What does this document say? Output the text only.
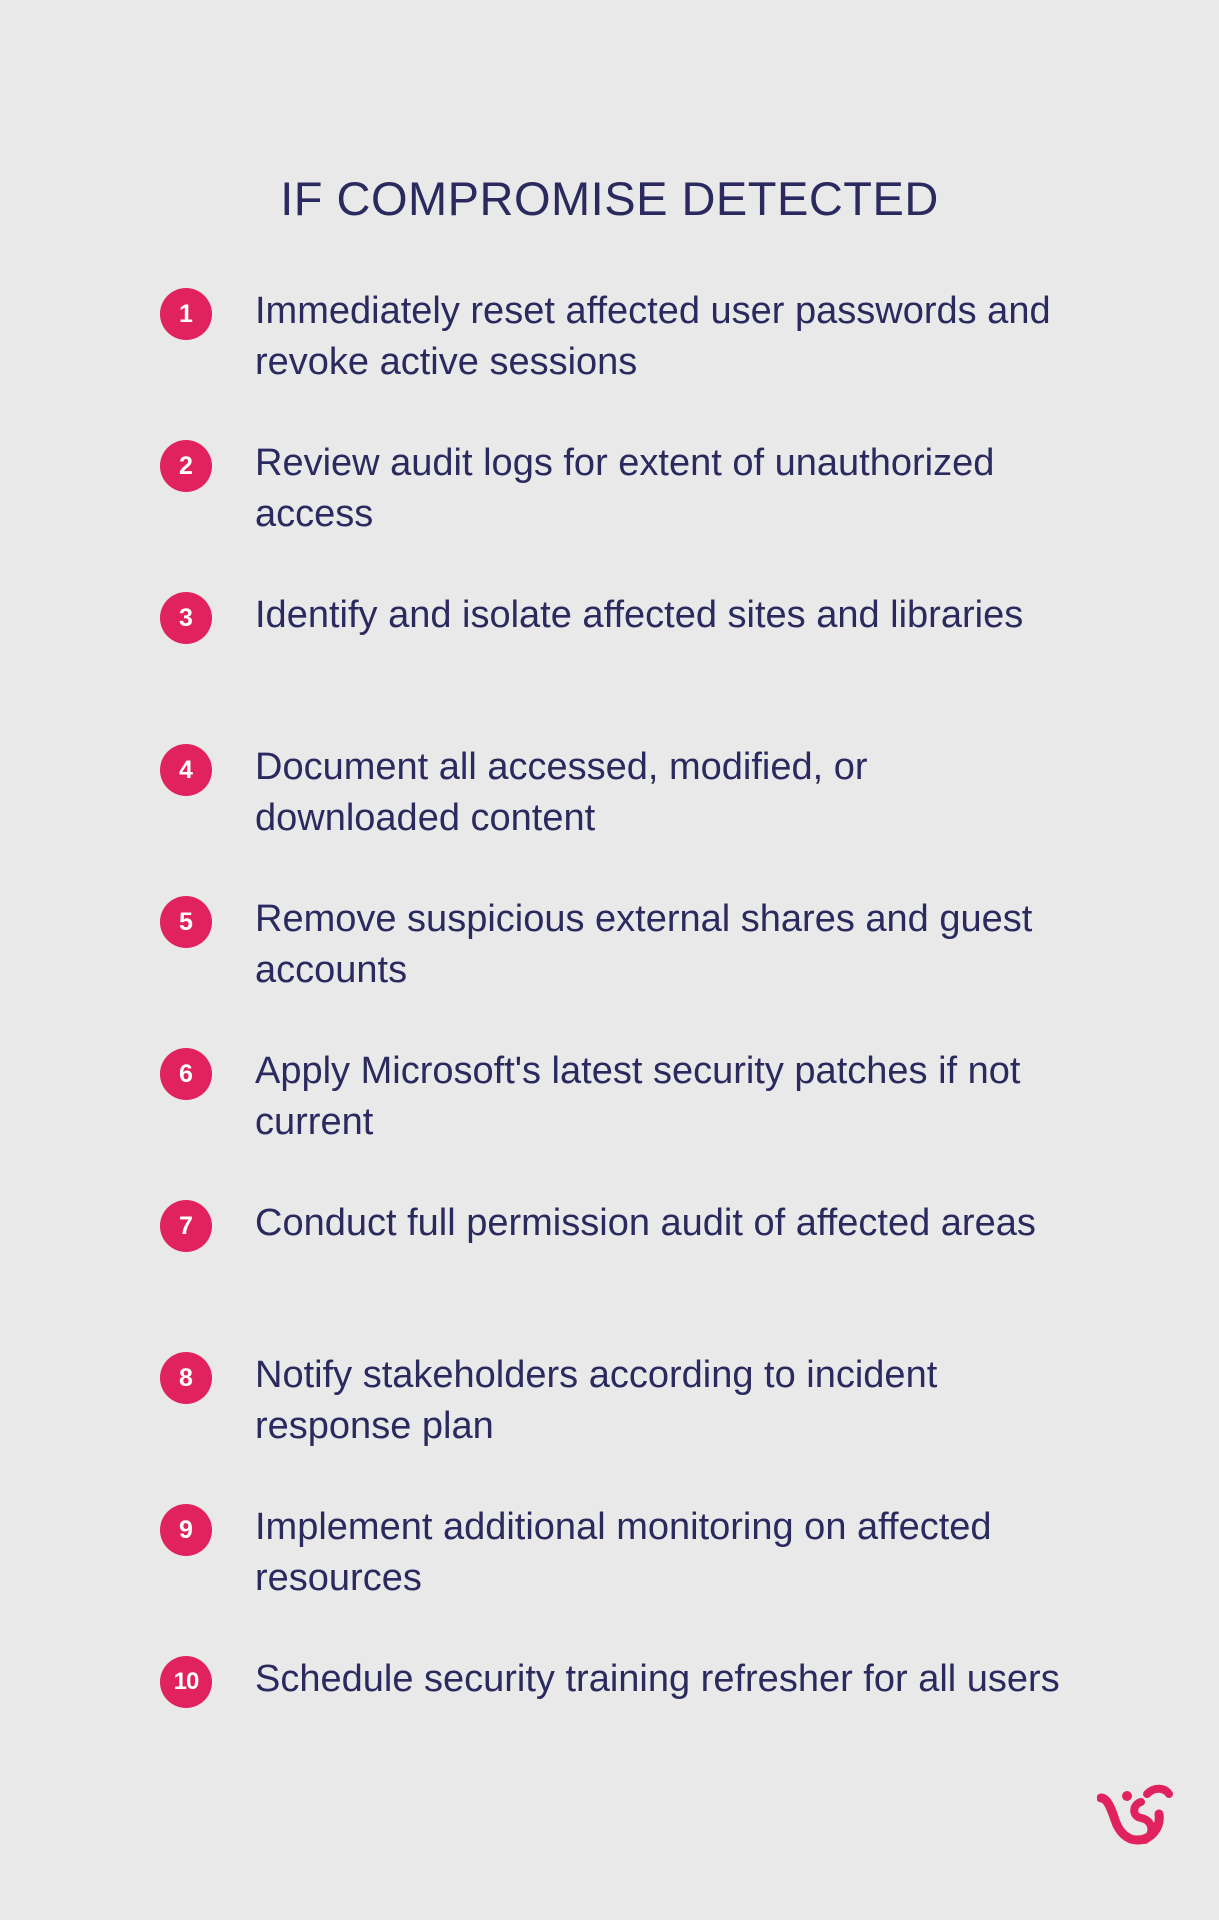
IF COMPROMISE DETECTED
1	Immediately reset affected user passwords and revoke active sessions
2	Review audit logs for extent of unauthorized access
3	Identify and isolate affected sites and libraries
4	Document all accessed, modified, or downloaded content
5	Remove suspicious external shares and guest accounts
6	Apply Microsoft's latest security patches if not current
7	Conduct full permission audit of affected areas
8	Notify stakeholders according to incident response plan
9	Implement additional monitoring on affected resources
10	Schedule security training refresher for all users
